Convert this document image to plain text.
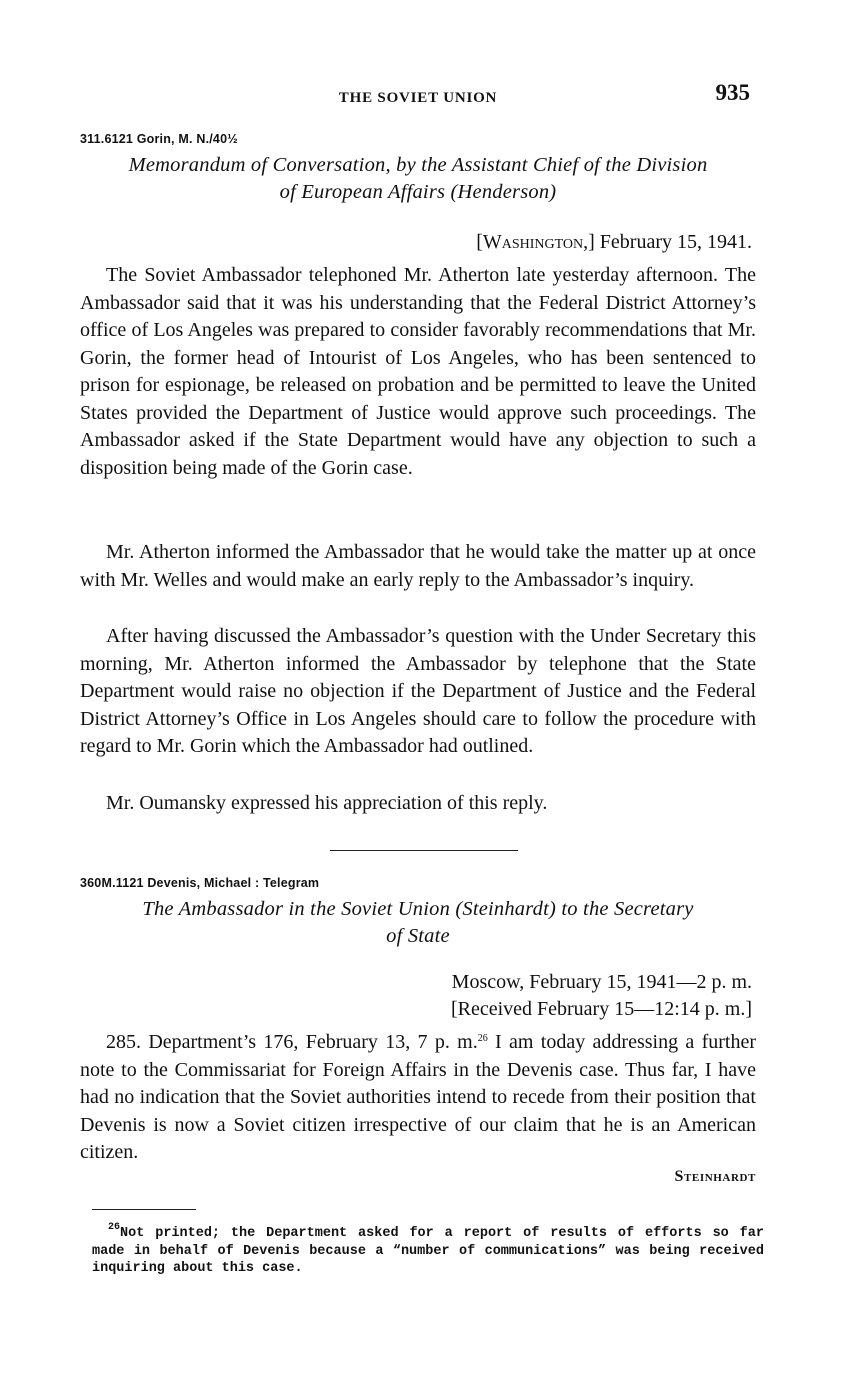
THE SOVIET UNION	935
311.6121 Gorin, M. N./40½
Memorandum of Conversation, by the Assistant Chief of the Division
of European Affairs (Henderson)
[Washington,] February 15, 1941.

The Soviet Ambassador telephoned Mr. Atherton late yesterday afternoon. The Ambassador said that it was his understanding that the Federal District Attorney’s office of Los Angeles was prepared to consider favorably recommendations that Mr. Gorin, the former head of Intourist of Los Angeles, who has been sentenced to prison for espionage, be released on probation and be permitted to leave the United States provided the Department of Justice would approve such proceedings. The Ambassador asked if the State Department would have any objection to such a disposition being made of the Gorin case.

Mr. Atherton informed the Ambassador that he would take the matter up at once with Mr. Welles and would make an early reply to the Ambassador’s inquiry.

After having discussed the Ambassador’s question with the Under Secretary this morning, Mr. Atherton informed the Ambassador by telephone that the State Department would raise no objection if the Department of Justice and the Federal District Attorney’s Office in Los Angeles should care to follow the procedure with regard to Mr. Gorin which the Ambassador had outlined.

Mr. Oumansky expressed his appreciation of this reply.

360M.1121 Devenis, Michael : Telegram
The Ambassador in the Soviet Union (Steinhardt) to the Secretary
of State
Moscow, February 15, 1941—2 p. m.
[Received February 15—12:14 p. m.]

285. Department’s 176, February 13, 7 p. m.$^{26}$ I am today addressing a further note to the Commissariat for Foreign Affairs in the Devenis case. Thus far, I have had no indication that the Soviet authorities intend to recede from their position that Devenis is now a Soviet citizen irrespective of our claim that he is an American citizen.

Steinhardt

$^{26}$Not printed; the Department asked for a report of results of efforts so far made in behalf of Devenis because a “number of communications” was being received inquiring about this case.
